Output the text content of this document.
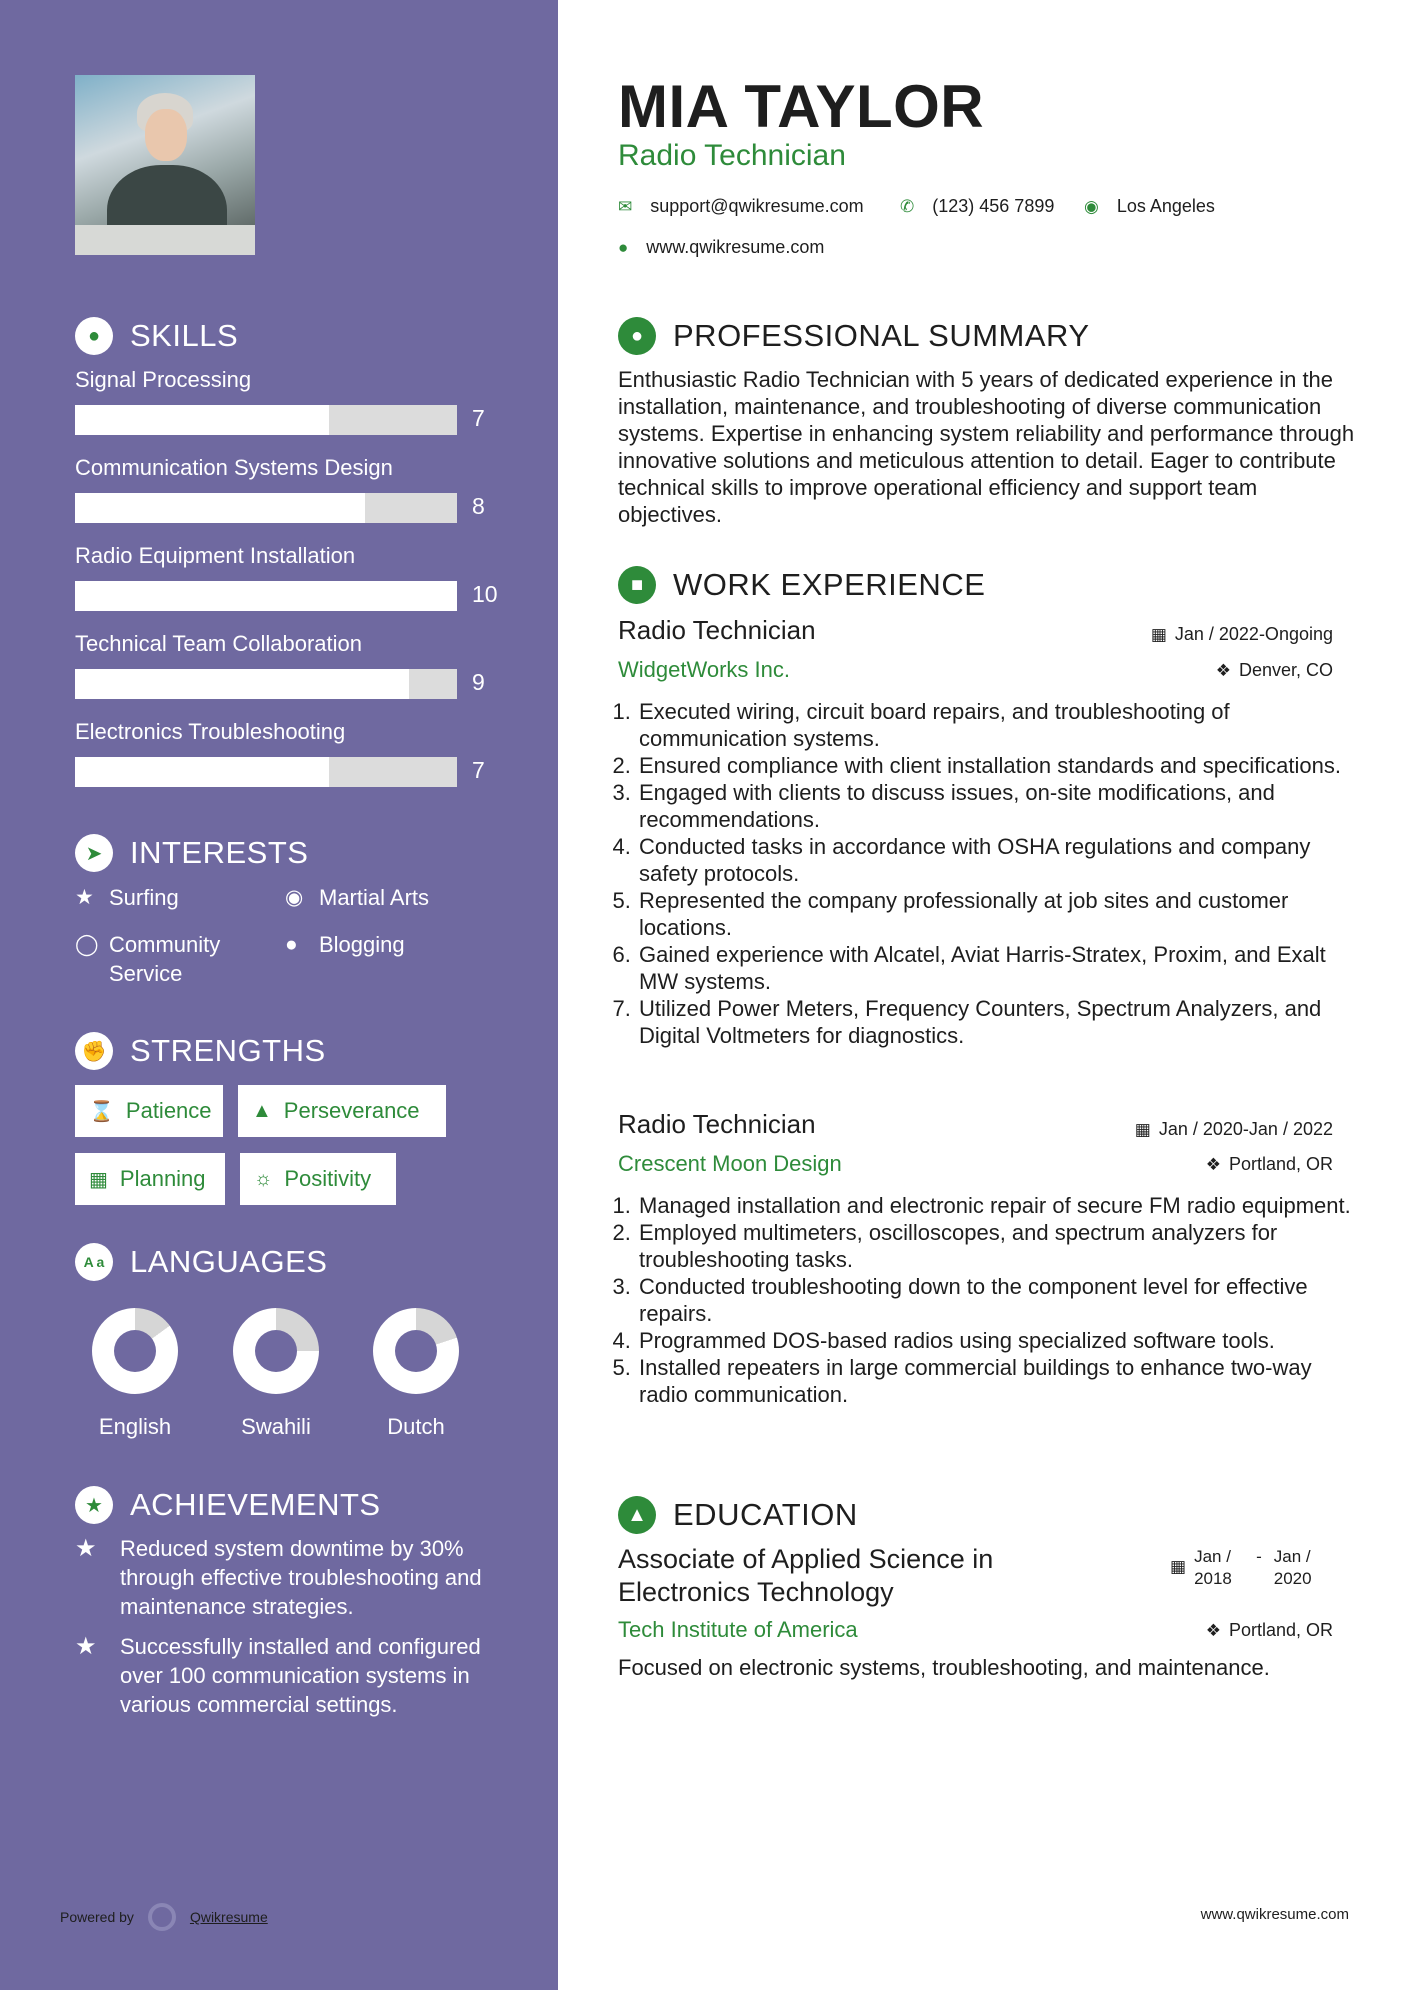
● SKILLS
Signal Processing
7
Communication Systems Design
8
Radio Equipment Installation
10
Technical Team Collaboration
9
Electronics Troubleshooting
7
➤ INTERESTS
★ Surfing	◉ Martial Arts
◯ Community Service
● Blogging
✊ STRENGTHS
⌛ Patience ▲ Perseverance
▦ Planning ☼ Positivity
A a LANGUAGES
English	Swahili	Dutch
★ ACHIEVEMENTS
★	Reduced system downtime by 30% through effective troubleshooting and maintenance strategies.
★	Successfully installed and configured over 100 communication systems in various commercial settings.
Powered by	Qwikresume
MIA TAYLOR
Radio Technician
✉ support@qwikresume.com ✆ (123) 456 7899 ◉ Los Angeles
● www.qwikresume.com
● PROFESSIONAL SUMMARY
Enthusiastic Radio Technician with 5 years of dedicated experience in the installation, maintenance, and troubleshooting of diverse communication systems. Expertise in enhancing system reliability and performance through innovative solutions and meticulous attention to detail. Eager to contribute technical skills to improve operational efficiency and support team objectives.
■ WORK EXPERIENCE
Radio Technician	▦ Jan / 2022-Ongoing
WidgetWorks Inc.	❖ Denver, CO
1. Executed wiring, circuit board repairs, and troubleshooting of communication systems.
2. Ensured compliance with client installation standards and specifications.
3. Engaged with clients to discuss issues, on-site modifications, and recommendations.
4. Conducted tasks in accordance with OSHA regulations and company safety protocols.
5. Represented the company professionally at job sites and customer locations.
6. Gained experience with Alcatel, Aviat Harris-Stratex, Proxim, and Exalt MW systems.
7. Utilized Power Meters, Frequency Counters, Spectrum Analyzers, and Digital Voltmeters for diagnostics.
Radio Technician	▦ Jan / 2020-Jan / 2022
Crescent Moon Design	❖ Portland, OR
1. Managed installation and electronic repair of secure FM radio equipment.
2. Employed multimeters, oscilloscopes, and spectrum analyzers for troubleshooting tasks.
3. Conducted troubleshooting down to the component level for effective repairs.
4. Programmed DOS-based radios using specialized software tools.
5. Installed repeaters in large commercial buildings to enhance two-way radio communication.
▲ EDUCATION
Associate of Applied Science in Electronics Technology
▦
Jan / 2018
- Jan / 2020
Tech Institute of America	❖ Portland, OR
Focused on electronic systems, troubleshooting, and maintenance.
www.qwikresume.com
